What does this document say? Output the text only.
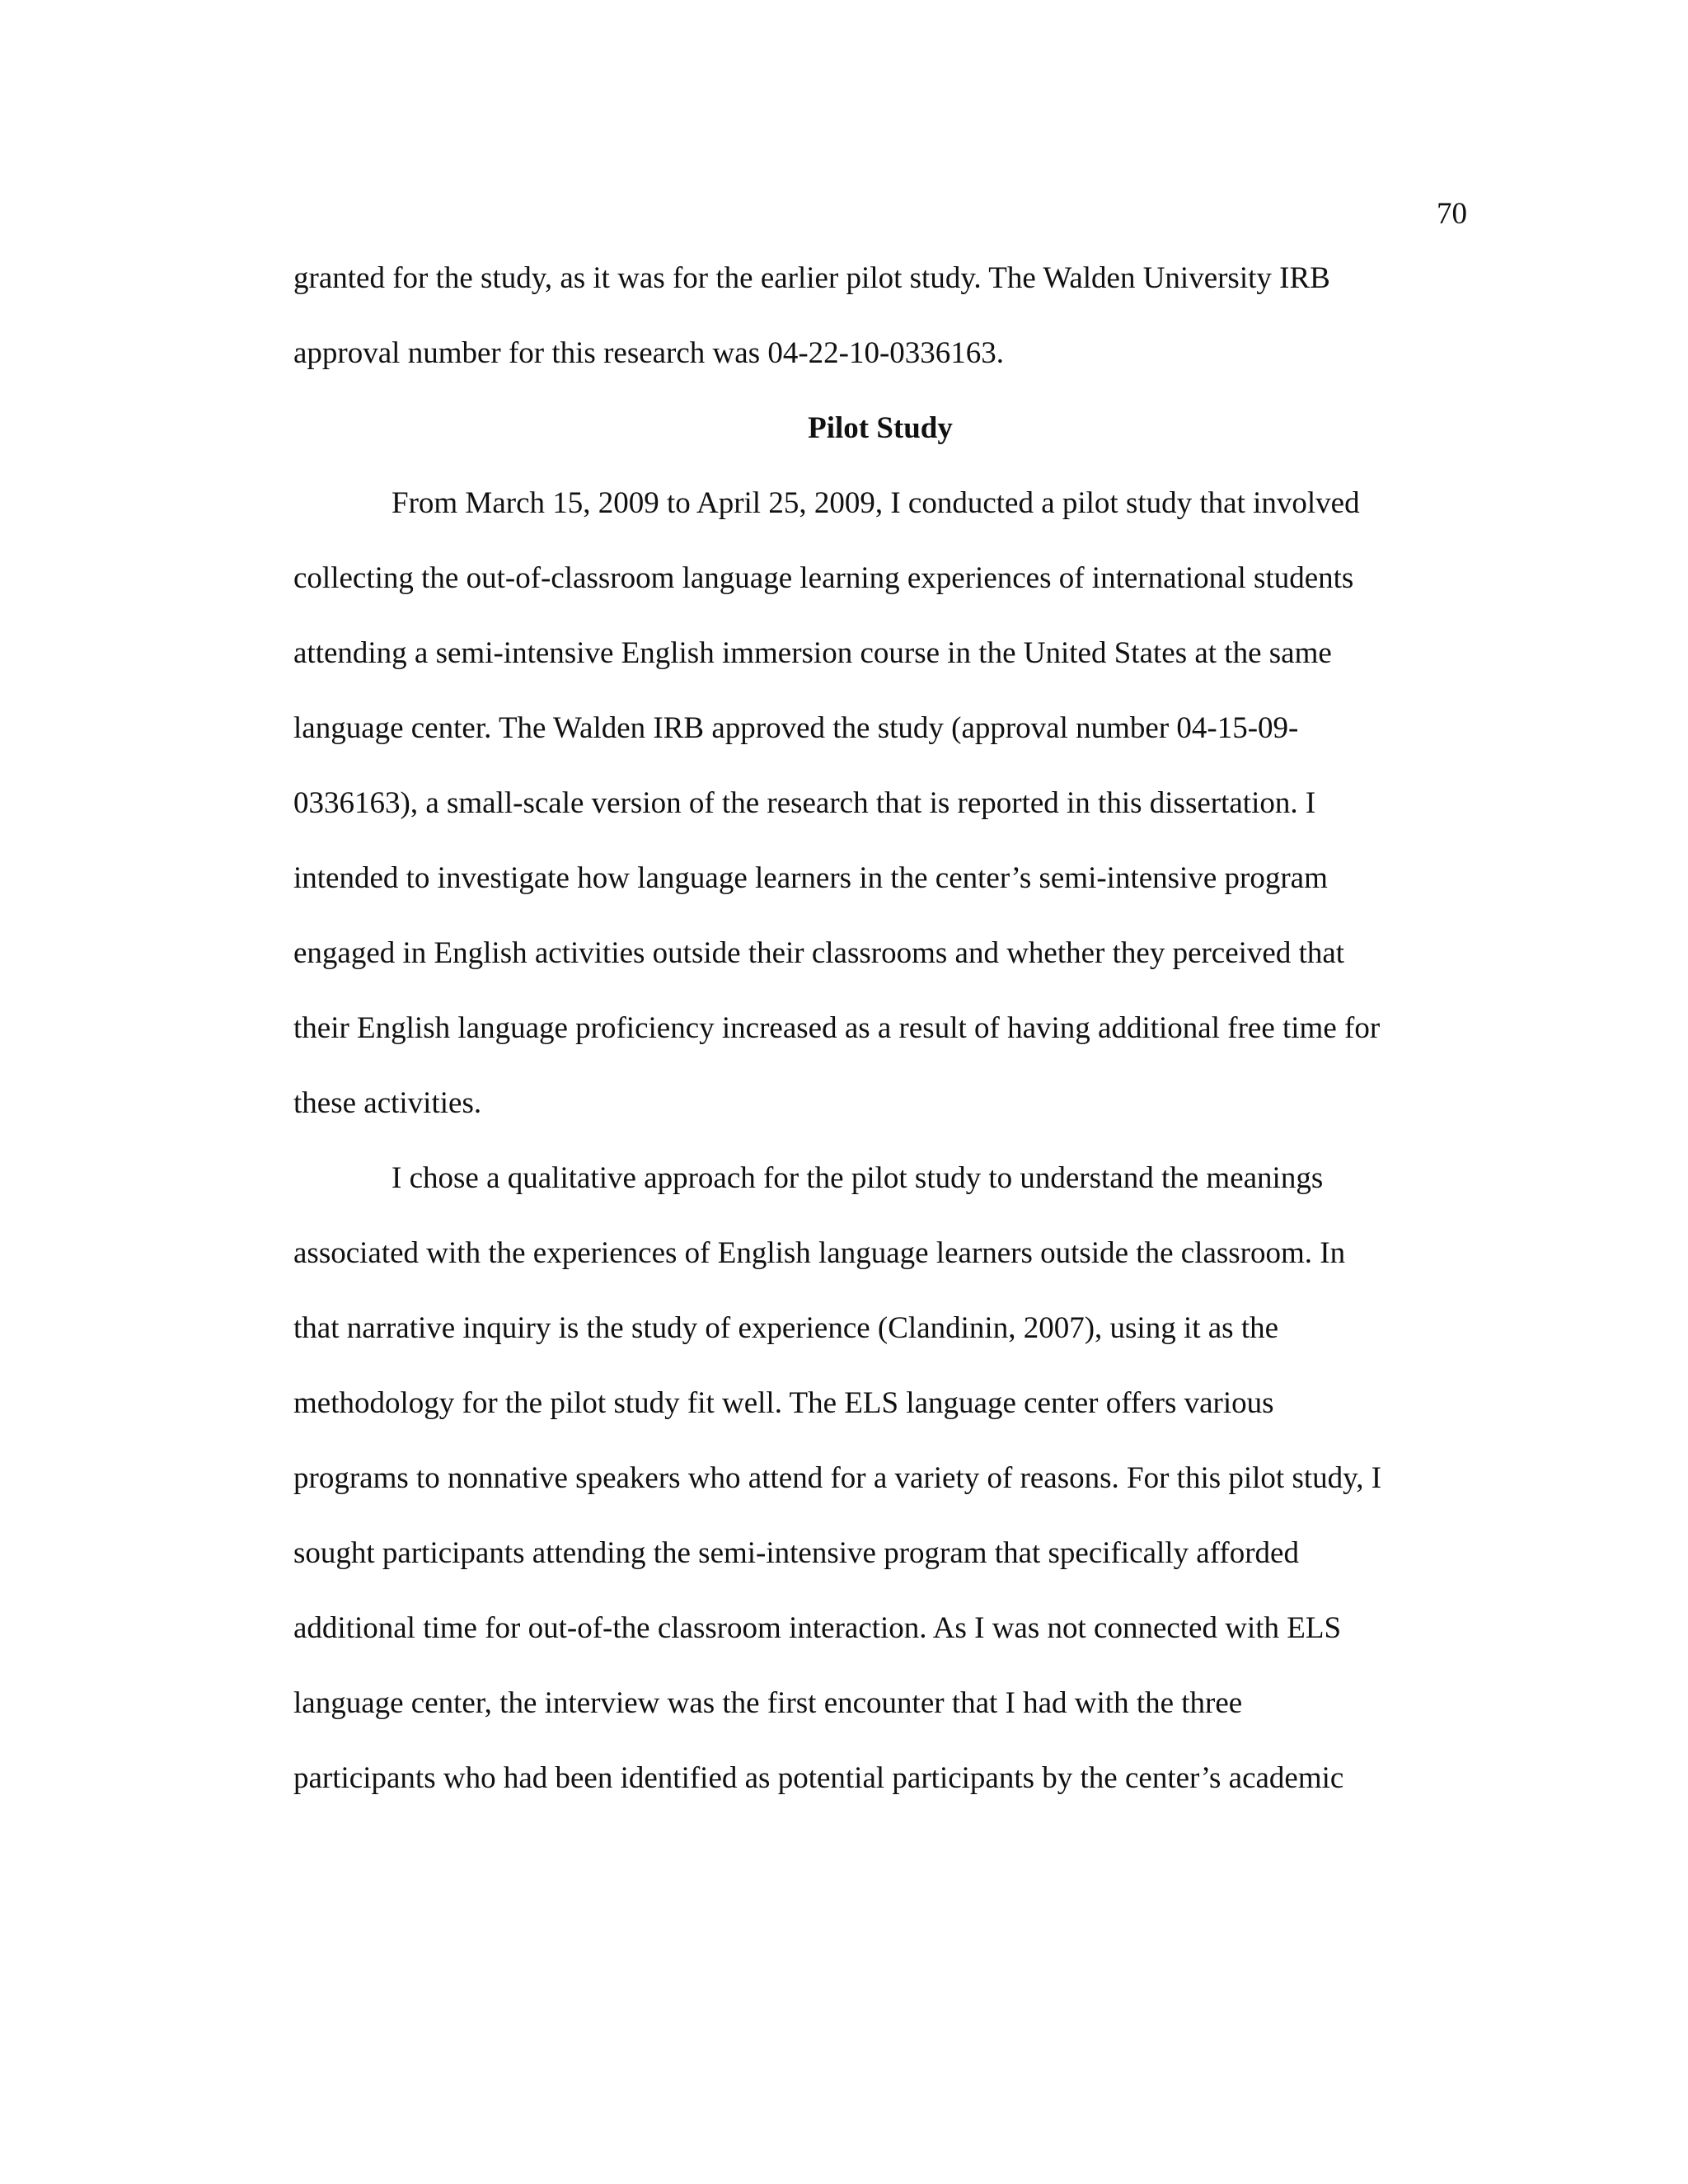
70
granted for the study, as it was for the earlier pilot study. The Walden University IRB
approval number for this research was 04-22-10-0336163.
Pilot Study
From March 15, 2009 to April 25, 2009, I conducted a pilot study that involved
collecting the out-of-classroom language learning experiences of international students
attending a semi-intensive English immersion course in the United States at the same
language center. The Walden IRB approved the study (approval number 04-15-09-
0336163), a small-scale version of the research that is reported in this dissertation. I
intended to investigate how language learners in the center’s semi-intensive program
engaged in English activities outside their classrooms and whether they perceived that
their English language proficiency increased as a result of having additional free time for
these activities.
I chose a qualitative approach for the pilot study to understand the meanings
associated with the experiences of English language learners outside the classroom. In
that narrative inquiry is the study of experience (Clandinin, 2007), using it as the
methodology for the pilot study fit well. The ELS language center offers various
programs to nonnative speakers who attend for a variety of reasons. For this pilot study, I
sought participants attending the semi-intensive program that specifically afforded
additional time for out-of-the classroom interaction. As I was not connected with ELS
language center, the interview was the first encounter that I had with the three
participants who had been identified as potential participants by the center’s academic
